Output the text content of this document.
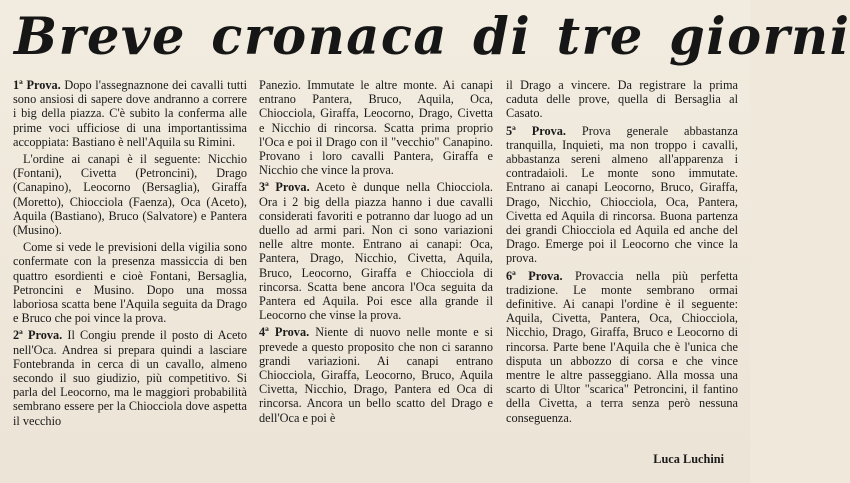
Breve cronaca di tre giorni

1ª Prova. Dopo l'assegnaznone dei cavalli tutti sono ansiosi di sapere dove andranno a correre i big della piazza. C'è subito la conferma alle prime voci ufficiose di una importantissima accoppiata: Bastiano è nell'Aquila su Rimini.

L'ordine ai canapi è il seguente: Nicchio (Fontani), Civetta (Petroncini), Drago (Canapino), Leocorno (Bersaglia), Giraffa (Moretto), Chiocciola (Faenza), Oca (Aceto), Aquila (Bastiano), Bruco (Salvatore) e Pantera (Musino).

Come si vede le previsioni della vigilia sono confermate con la presenza massiccia di ben quattro esordienti e cioè Fontani, Bersaglia, Petroncini e Musino. Dopo una mossa laboriosa scatta bene l'Aquila seguita da Drago e Bruco che poi vince la prova.

2ª Prova. Il Congiu prende il posto di Aceto nell'Oca. Andrea si prepara quindi a lasciare Fontebranda in cerca di un cavallo, almeno secondo il suo giudizio, più competitivo. Si parla del Leocorno, ma le maggiori probabilità sembrano essere per la Chiocciola dove aspetta il vecchio

Panezio. Immutate le altre monte. Ai canapi entrano Pantera, Bruco, Aquila, Oca, Chiocciola, Giraffa, Leocorno, Drago, Civetta e Nicchio di rincorsa. Scatta prima proprio l'Oca e poi il Drago con il "vecchio" Canapino. Provano i loro cavalli Pantera, Giraffa e Nicchio che vince la prova.

3ª Prova. Aceto è dunque nella Chiocciola. Ora i 2 big della piazza hanno i due cavalli considerati favoriti e potranno dar luogo ad un duello ad armi pari. Non ci sono variazioni nelle altre monte. Entrano ai canapi: Oca, Pantera, Drago, Nicchio, Civetta, Aquila, Bruco, Leocorno, Giraffa e Chiocciola di rincorsa. Scatta bene ancora l'Oca seguita da Pantera ed Aquila. Poi esce alla grande il Leocorno che vinse la prova.

4ª Prova. Niente di nuovo nelle monte e si prevede a questo proposito che non ci saranno grandi variazioni. Ai canapi entrano Chiocciola, Giraffa, Leocorno, Bruco, Aquila Civetta, Nicchio, Drago, Pantera ed Oca di rincorsa. Ancora un bello scatto del Drago e dell'Oca e poi è

il Drago a vincere. Da registrare la prima caduta delle prove, quella di Bersaglia al Casato.

5ª Prova. Prova generale abbastanza tranquilla, Inquieti, ma non troppo i cavalli, abbastanza sereni almeno all'apparenza i contradaioli. Le monte sono immutate. Entrano ai canapi Leocorno, Bruco, Giraffa, Drago, Nicchio, Chiocciola, Oca, Pantera, Civetta ed Aquila di rincorsa. Buona partenza dei grandi Chiocciola ed Aquila ed anche del Drago. Emerge poi il Leocorno che vince la prova.

6ª Prova. Provaccia nella più perfetta tradizione. Le monte sembrano ormai definitive. Ai canapi l'ordine è il seguente: Aquila, Civetta, Pantera, Oca, Chiocciola, Nicchio, Drago, Giraffa, Bruco e Leocorno di rincorsa. Parte bene l'Aquila che è l'unica che disputa un abbozzo di corsa e che vince mentre le altre passeggiano. Alla mossa una scarto di Ultor "scarica" Petroncini, il fantino della Civetta, a terra senza però nessuna conseguenza.

Luca Luchini
